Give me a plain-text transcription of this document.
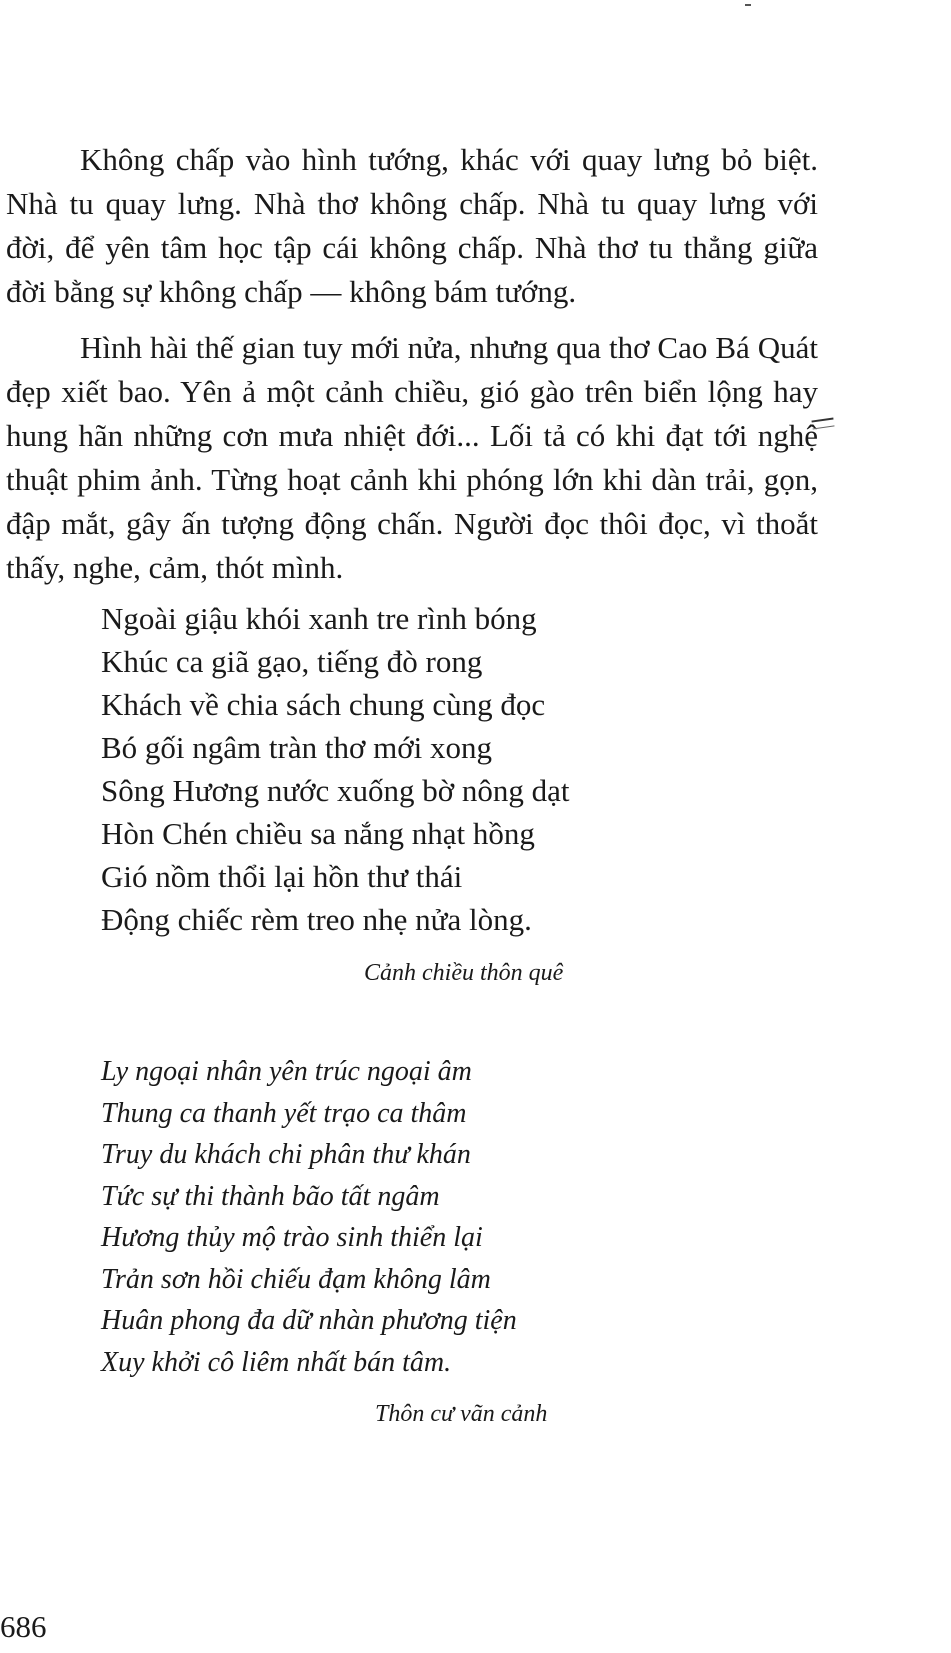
Không chấp vào hình tướng, khác với quay lưng bỏ biệt. Nhà tu quay lưng. Nhà thơ không chấp. Nhà tu quay lưng với đời, để yên tâm học tập cái không chấp. Nhà thơ tu thẳng giữa đời bằng sự không chấp — không bám tướng.

Hình hài thế gian tuy mới nửa, nhưng qua thơ Cao Bá Quát đẹp xiết bao. Yên ả một cảnh chiều, gió gào trên biển lộng hay hung hãn những cơn mưa nhiệt đới... Lối tả có khi đạt tới nghệ thuật phim ảnh. Từng hoạt cảnh khi phóng lớn khi dàn trải, gọn, đập mắt, gây ấn tượng động chấn. Người đọc thôi đọc, vì thoắt thấy, nghe, cảm, thót mình.

Ngoài giậu khói xanh tre rình bóng
Khúc ca giã gạo, tiếng đò rong
Khách về chia sách chung cùng đọc
Bó gối ngâm tràn thơ mới xong
Sông Hương nước xuống bờ nông dạt
Hòn Chén chiều sa nắng nhạt hồng
Gió nồm thổi lại hồn thư thái
Động chiếc rèm treo nhẹ nửa lòng.
Cảnh chiều thôn quê
Ly ngoại nhân yên trúc ngoại âm
Thung ca thanh yết trạo ca thâm
Truy du khách chi phân thư khán
Tức sự thi thành bão tất ngâm
Hương thủy mộ trào sinh thiển lại
Trản sơn hồi chiếu đạm không lâm
Huân phong đa dữ nhàn phương tiện
Xuy khởi cô liêm nhất bán tâm.
Thôn cư vãn cảnh
686
